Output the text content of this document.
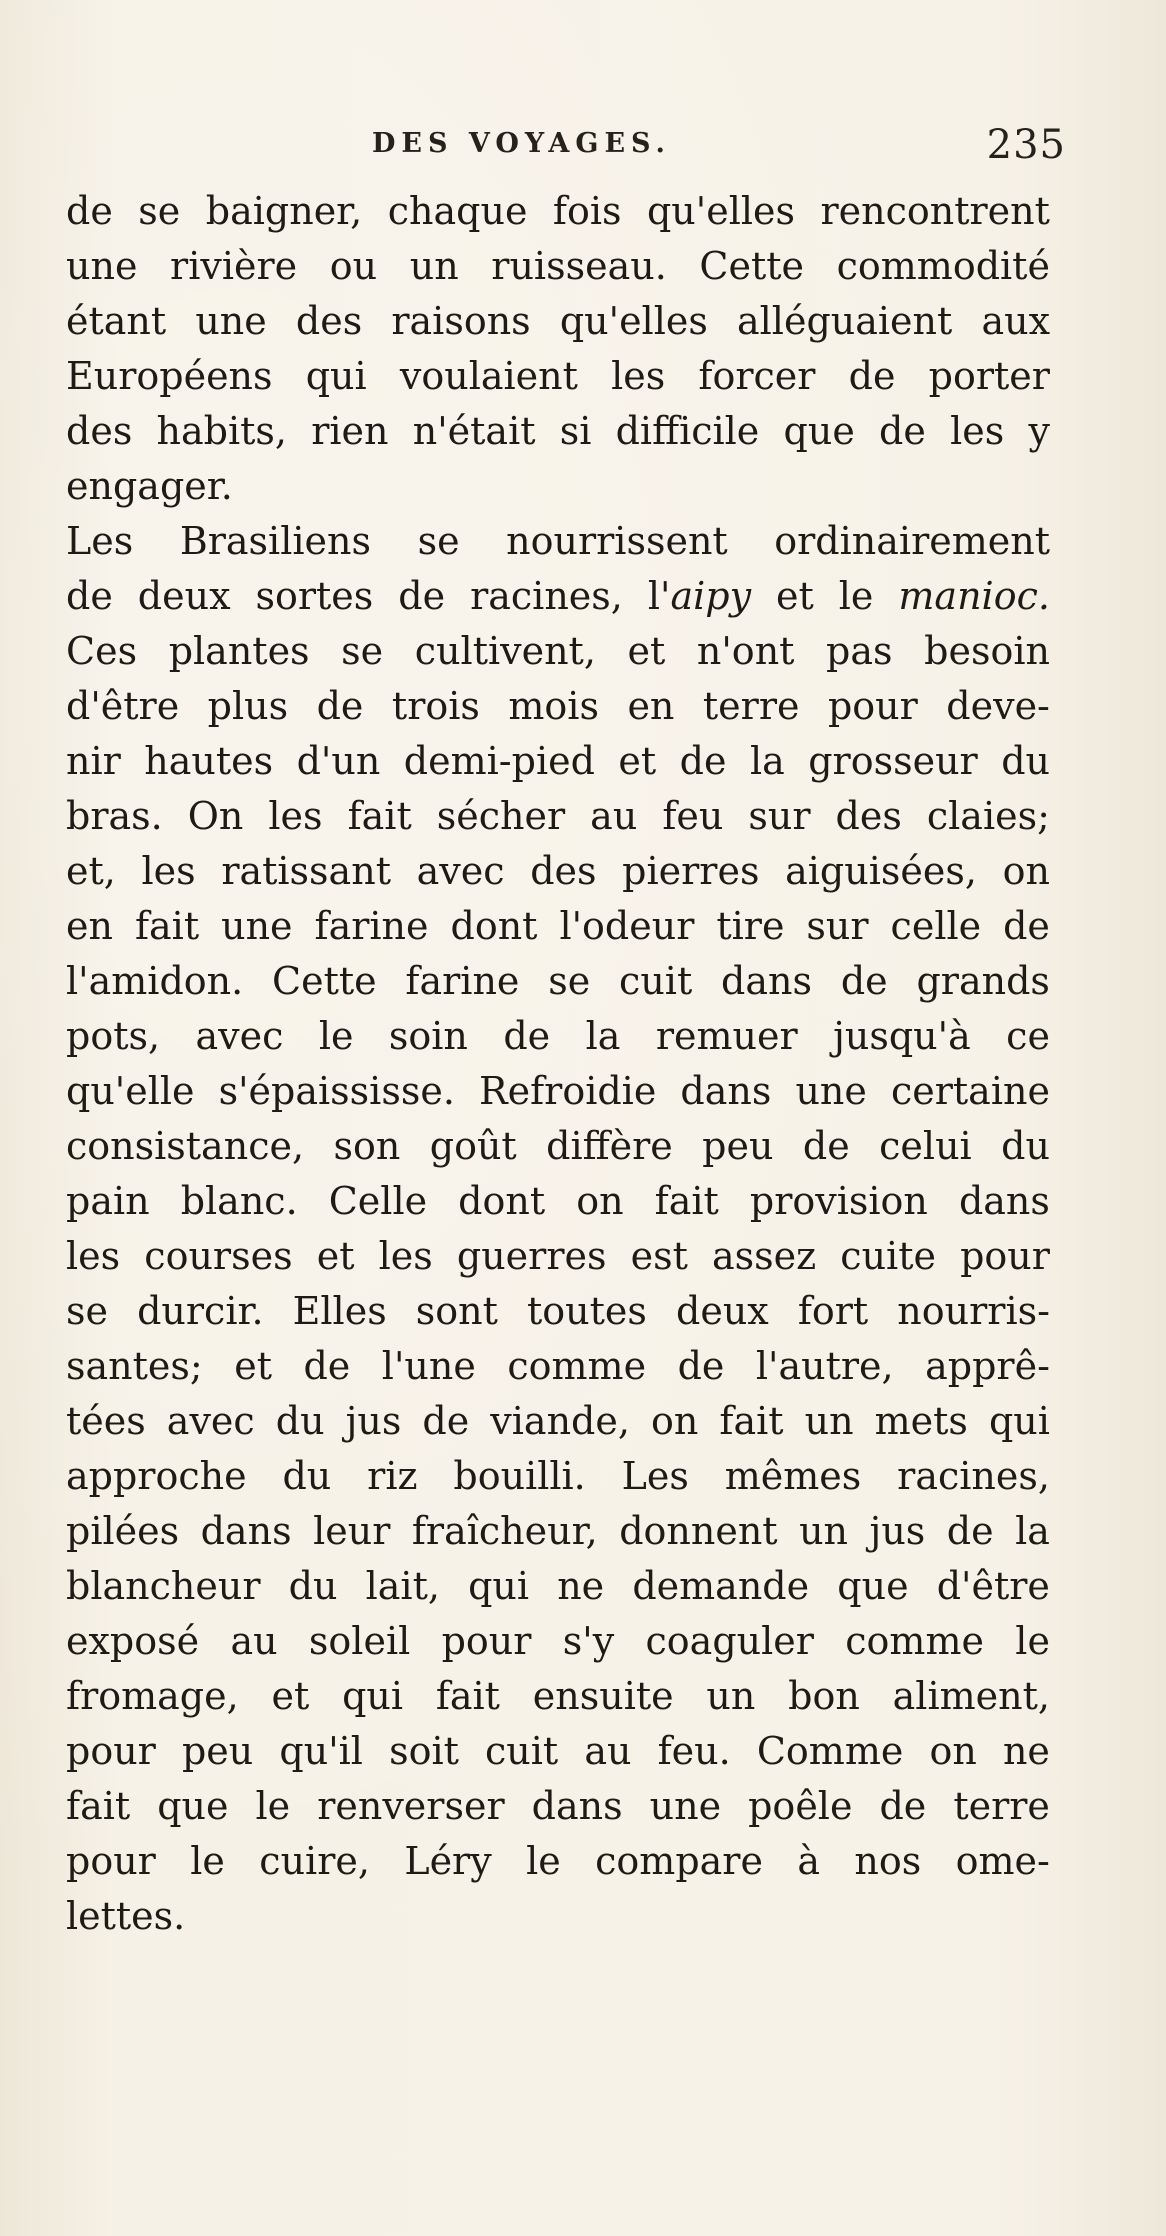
DES VOYAGES.	235
de se baigner, chaque fois qu'elles rencontrent
une rivière ou un ruisseau. Cette commodité
étant une des raisons qu'elles alléguaient aux
Européens qui voulaient les forcer de porter
des habits, rien n'était si difficile que de les y
engager.
Les Brasiliens se nourrissent ordinairement
de deux sortes de racines, l'aipy et le manioc.
Ces plantes se cultivent, et n'ont pas besoin
d'être plus de trois mois en terre pour deve-
nir hautes d'un demi-pied et de la grosseur du
bras. On les fait sécher au feu sur des claies;
et, les ratissant avec des pierres aiguisées, on
en fait une farine dont l'odeur tire sur celle de
l'amidon. Cette farine se cuit dans de grands
pots, avec le soin de la remuer jusqu'à ce
qu'elle s'épaississe. Refroidie dans une certaine
consistance, son goût diffère peu de celui du
pain blanc. Celle dont on fait provision dans
les courses et les guerres est assez cuite pour
se durcir. Elles sont toutes deux fort nourris-
santes; et de l'une comme de l'autre, apprê-
tées avec du jus de viande, on fait un mets qui
approche du riz bouilli. Les mêmes racines,
pilées dans leur fraîcheur, donnent un jus de la
blancheur du lait, qui ne demande que d'être
exposé au soleil pour s'y coaguler comme le
fromage, et qui fait ensuite un bon aliment,
pour peu qu'il soit cuit au feu. Comme on ne
fait que le renverser dans une poêle de terre
pour le cuire, Léry le compare à nos ome-
lettes.
